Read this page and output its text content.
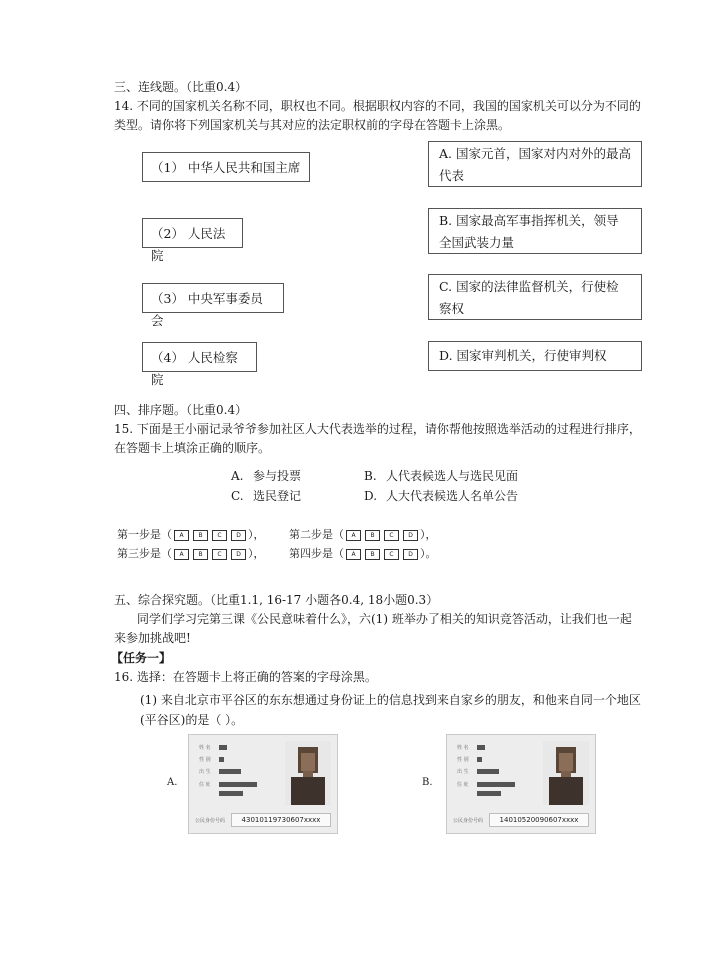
三、连线题。（比重0.4）
14. 不同的国家机关名称不同，职权也不同。根据职权内容的不同，我国的国家机关可以分为不同的
类型。请你将下列国家机关与其对应的法定职权前的字母在答题卡上涂黑。
（1） 中华人民共和国主席
（2） 人民法院
（3） 中央军事委员会
（4） 人民检察院
A. 国家元首，国家对内对外的最高代表
B. 国家最高军事指挥机关，领导全国武装力量
C. 国家的法律监督机关，行使检察权
D. 国家审判机关，行使审判权
四、排序题。（比重0.4）
15. 下面是王小丽记录爷爷参加社区人大代表选举的过程，请你帮他按照选举活动的过程进行排序，
在答题卡上填涂正确的顺序。
A. 参与投票	B. 人代表候选人与选民见面
C. 选民登记	D. 人大代表候选人名单公告
第一步是（	A	B	C	D ）， 第二步是（	A	B	C	D ），
第三步是（	A	B	C	D ）， 第四步是（	A	B	C	D ）。
五、综合探究题。（比重1.1, 16-17 小题各0.4, 18小题0.3）
同学们学习完第三课《公民意味着什么》，六(1) 班举办了相关的知识竞答活动，让我们也一起
来参加挑战吧!
【任务一】
16. 选择：在答题卡上将正确的答案的字母涂黑。
(1) 来自北京市平谷区的东东想通过身份证上的信息找到来自家乡的朋友，和他来自同一个地区
(平谷区)的是（ ）。
A.
姓 名
性 别
出 生
住 址
公民身份号码	43010119730607xxxx
B.
姓 名
性 别
出 生
住 址
公民身份号码	14010520090607xxxx
